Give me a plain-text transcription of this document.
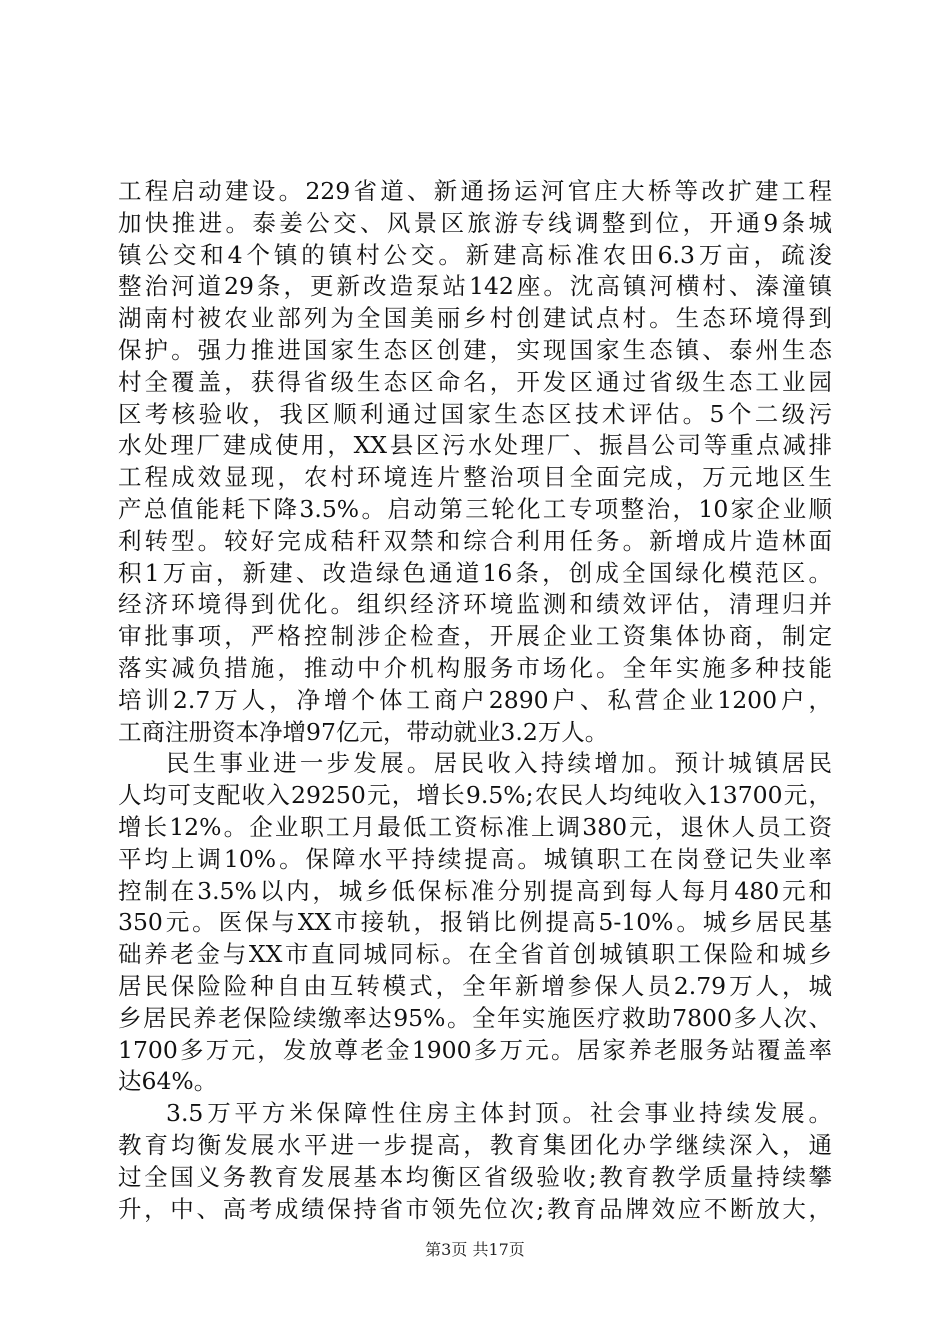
工程启动建设。229省道、新通扬运河官庄大桥等改扩建工程
加快推进。泰姜公交、风景区旅游专线调整到位，开通9条城
镇公交和4个镇的镇村公交。新建高标准农田6.3万亩，疏浚
整治河道29条，更新改造泵站142座。沈高镇河横村、溱潼镇
湖南村被农业部列为全国美丽乡村创建试点村。生态环境得到
保护。强力推进国家生态区创建，实现国家生态镇、泰州生态
村全覆盖，获得省级生态区命名，开发区通过省级生态工业园
区考核验收，我区顺利通过国家生态区技术评估。5个二级污
水处理厂建成使用，XX县区污水处理厂、振昌公司等重点减排
工程成效显现，农村环境连片整治项目全面完成，万元地区生
产总值能耗下降3.5%。启动第三轮化工专项整治，10家企业顺
利转型。较好完成秸秆双禁和综合利用任务。新增成片造林面
积1万亩，新建、改造绿色通道16条，创成全国绿化模范区。
经济环境得到优化。组织经济环境监测和绩效评估，清理归并
审批事项，严格控制涉企检查，开展企业工资集体协商，制定
落实减负措施，推动中介机构服务市场化。全年实施多种技能
培训2.7万人，净增个体工商户2890户、私营企业1200户，
工商注册资本净增97亿元，带动就业3.2万人。
民生事业进一步发展。居民收入持续增加。预计城镇居民
人均可支配收入29250元，增长9.5%;农民人均纯收入13700元，
增长12%。企业职工月最低工资标准上调380元，退休人员工资
平均上调10%。保障水平持续提高。城镇职工在岗登记失业率
控制在3.5%以内，城乡低保标准分别提高到每人每月480元和
350元。医保与XX市接轨，报销比例提高5-10%。城乡居民基
础养老金与XX市直同城同标。在全省首创城镇职工保险和城乡
居民保险险种自由互转模式，全年新增参保人员2.79万人，城
乡居民养老保险续缴率达95%。全年实施医疗救助7800多人次、
1700多万元，发放尊老金1900多万元。居家养老服务站覆盖率
达64%。
3.5万平方米保障性住房主体封顶。社会事业持续发展。
教育均衡发展水平进一步提高，教育集团化办学继续深入，通
过全国义务教育发展基本均衡区省级验收;教育教学质量持续攀
升，中、高考成绩保持省市领先位次;教育品牌效应不断放大，
第3页 共17页
